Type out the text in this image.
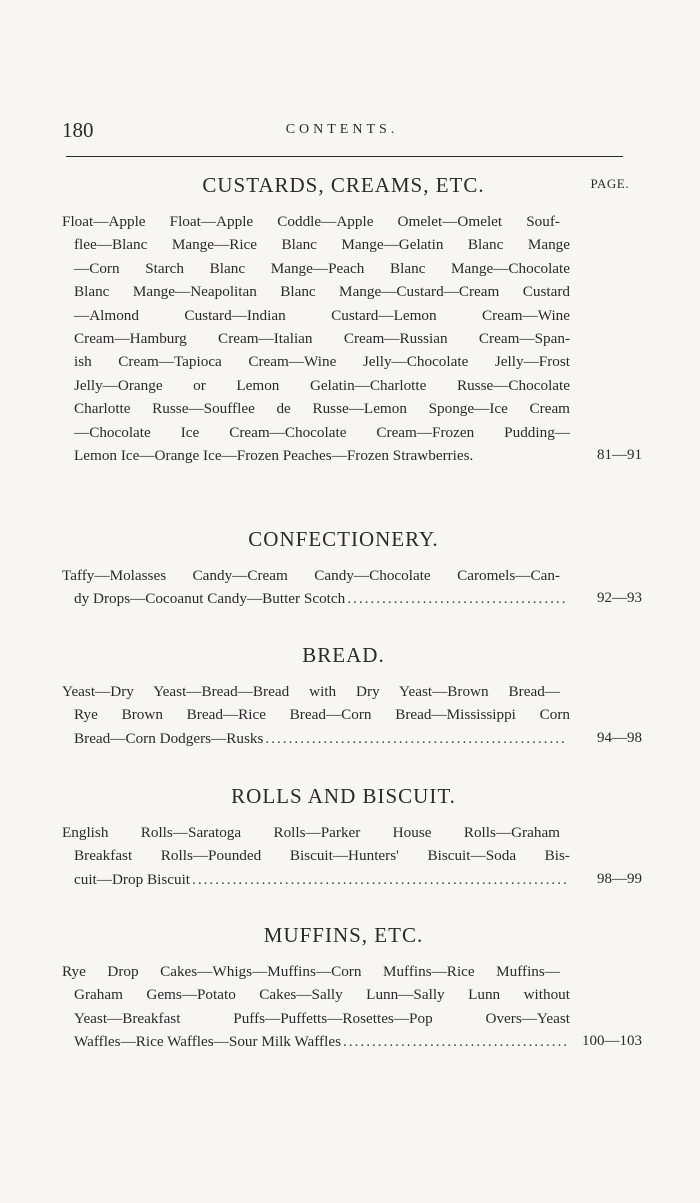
180	CONTENTS.
CUSTARDS, CREAMS, ETC.	PAGE.
Float—Apple Float—Apple Coddle—Apple Omelet—Omelet Souf-
flee—Blanc Mange—Rice Blanc Mange—Gelatin Blanc Mange
—Corn Starch Blanc Mange—Peach Blanc Mange—Chocolate
Blanc Mange—Neapolitan Blanc Mange—Custard—Cream Custard
—Almond Custard—Indian Custard—Lemon Cream—Wine
Cream—Hamburg Cream—Italian Cream—Russian Cream—Span-
ish Cream—Tapioca Cream—Wine Jelly—Chocolate Jelly—Frost
Jelly—Orange or Lemon Gelatin—Charlotte Russe—Chocolate
Charlotte Russe—Soufflee de Russe—Lemon Sponge—Ice Cream
—Chocolate Ice Cream—Chocolate Cream—Frozen Pudding—
Lemon Ice—Orange Ice—Frozen Peaches—Frozen Strawberries.	81—91
CONFECTIONERY.
Taffy—Molasses Candy—Cream Candy—Chocolate Caromels—Can-
dy Drops—Cocoanut Candy—Butter Scotch .....	92—93
BREAD.
Yeast—Dry Yeast—Bread—Bread with Dry Yeast—Brown Bread—
Rye Brown Bread—Rice Bread—Corn Bread—Mississippi Corn
Bread—Corn Dodgers—Rusks .....	94—98
ROLLS AND BISCUIT.
English Rolls—Saratoga Rolls—Parker House Rolls—Graham
Breakfast Rolls—Pounded Biscuit—Hunters' Biscuit—Soda Bis-
cuit—Drop Biscuit .....	98—99
MUFFINS, ETC.
Rye Drop Cakes—Whigs—Muffins—Corn Muffins—Rice Muffins—
Graham Gems—Potato Cakes—Sally Lunn—Sally Lunn without
Yeast—Breakfast Puffs—Puffetts—Rosettes—Pop Overs—Yeast
Waffles—Rice Waffles—Sour Milk Waffles .....	100—103
